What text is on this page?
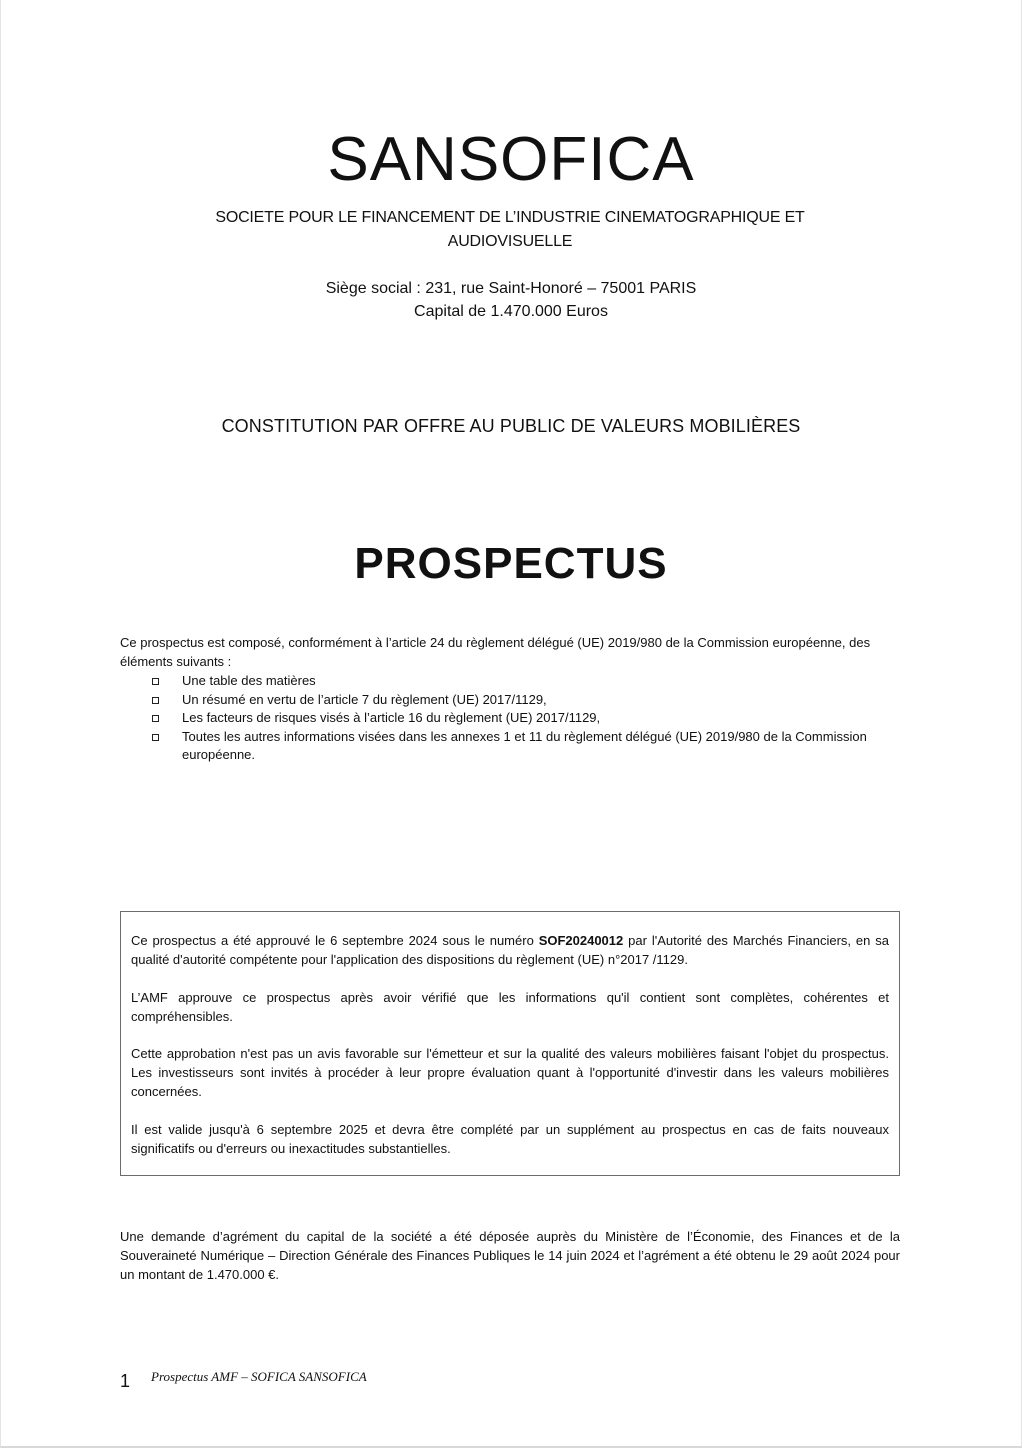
SANSOFICA
SOCIETE POUR LE FINANCEMENT DE L’INDUSTRIE CINEMATOGRAPHIQUE ET
AUDIOVISUELLE
Siège social : 231, rue Saint-Honoré – 75001 PARIS
Capital de 1.470.000 Euros
CONSTITUTION PAR OFFRE AU PUBLIC DE VALEURS MOBILIÈRES
PROSPECTUS

Ce prospectus est composé, conformément à l’article 24 du règlement délégué (UE) 2019/980 de la Commission européenne, des éléments suivants :

Une table des matières
Un résumé en vertu de l’article 7 du règlement (UE) 2017/1129,
Les facteurs de risques visés à l’article 16 du règlement (UE) 2017/1129,
Toutes les autres informations visées dans les annexes 1 et 11 du règlement délégué (UE) 2019/980 de la Commission européenne.

Ce prospectus a été approuvé le 6 septembre 2024 sous le numéro SOF20240012 par l'Autorité des Marchés Financiers, en sa qualité d'autorité compétente pour l'application des dispositions du règlement (UE) n°2017 /1129.

L’AMF approuve ce prospectus après avoir vérifié que les informations qu'il contient sont complètes, cohérentes et compréhensibles.

Cette approbation n'est pas un avis favorable sur l'émetteur et sur la qualité des valeurs mobilières faisant l'objet du prospectus. Les investisseurs sont invités à procéder à leur propre évaluation quant à l'opportunité d'investir dans les valeurs mobilières concernées.

Il est valide jusqu'à 6 septembre 2025 et devra être complété par un supplément au prospectus en cas de faits nouveaux significatifs ou d'erreurs ou inexactitudes substantielles.

Une demande d’agrément du capital de la société a été déposée auprès du Ministère de l’Économie, des Finances et de la Souveraineté Numérique – Direction Générale des Finances Publiques le 14 juin 2024 et l’agrément a été obtenu le 29 août 2024 pour un montant de 1.470.000 €.

1 Prospectus AMF – SOFICA SANSOFICA
